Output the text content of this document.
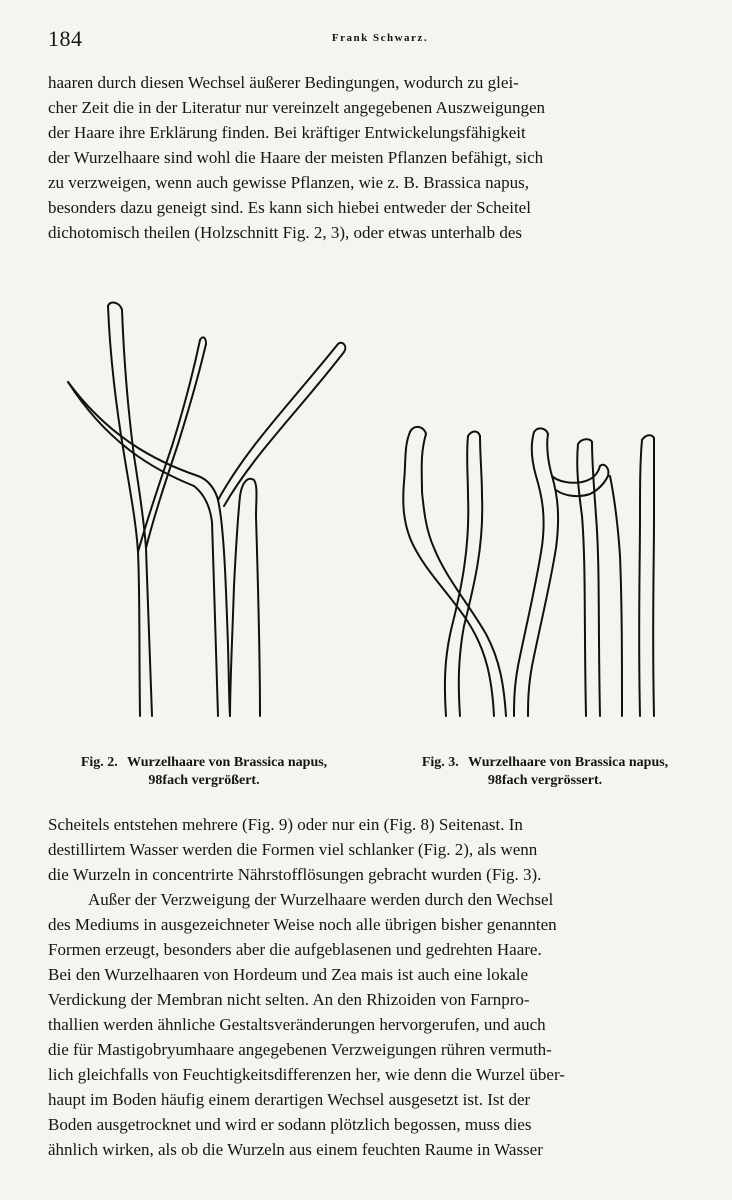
184	Frank Schwarz.
haaren durch diesen Wechsel äußerer Bedingungen, wodurch zu glei-
cher Zeit die in der Literatur nur vereinzelt angegebenen Auszweigungen
der Haare ihre Erklärung finden. Bei kräftiger Entwickelungsfähigkeit
der Wurzelhaare sind wohl die Haare der meisten Pflanzen befähigt, sich
zu verzweigen, wenn auch gewisse Pflanzen, wie z. B. Brassica napus,
besonders dazu geneigt sind. Es kann sich hiebei entweder der Scheitel
dichotomisch theilen (Holzschnitt Fig. 2, 3), oder etwas unterhalb des
Fig. 2. Wurzelhaare von Brassica napus,
98fach vergrößert.
Fig. 3. Wurzelhaare von Brassica napus,
98fach vergrössert.
Scheitels entstehen mehrere (Fig. 9) oder nur ein (Fig. 8) Seitenast. In
destillirtem Wasser werden die Formen viel schlanker (Fig. 2), als wenn
die Wurzeln in concentrirte Nährstofflösungen gebracht wurden (Fig. 3).
Außer der Verzweigung der Wurzelhaare werden durch den Wechsel
des Mediums in ausgezeichneter Weise noch alle übrigen bisher genannten
Formen erzeugt, besonders aber die aufgeblasenen und gedrehten Haare.
Bei den Wurzelhaaren von Hordeum und Zea mais ist auch eine lokale
Verdickung der Membran nicht selten. An den Rhizoiden von Farnpro-
thallien werden ähnliche Gestaltsveränderungen hervorgerufen, und auch
die für Mastigobryumhaare angegebenen Verzweigungen rühren vermuth-
lich gleichfalls von Feuchtigkeitsdifferenzen her, wie denn die Wurzel über-
haupt im Boden häufig einem derartigen Wechsel ausgesetzt ist. Ist der
Boden ausgetrocknet und wird er sodann plötzlich begossen, muss dies
ähnlich wirken, als ob die Wurzeln aus einem feuchten Raume in Wasser
